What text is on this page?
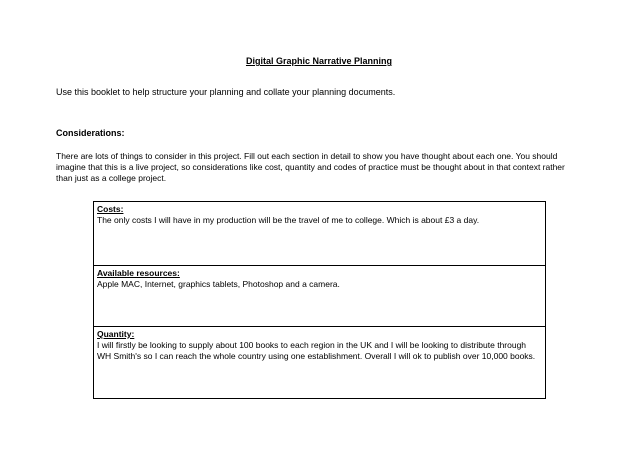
Digital Graphic Narrative Planning
Use this booklet to help structure your planning and collate your planning documents.
Considerations:
There are lots of things to consider in this project. Fill out each section in detail to show you have thought about each one. You should imagine that this is a live project, so considerations like cost, quantity and codes of practice must be thought about in that context rather than just as a college project.
Costs:
The only costs I will have in my production will be the travel of me to college. Which is about £3 a day.

Available resources:
Apple MAC, Internet, graphics tablets, Photoshop and a camera.

Quantity:
I will firstly be looking to supply about 100 books to each region in the UK and I will be looking to distribute through WH Smith's so I can reach the whole country using one establishment. Overall I will ok to publish over 10,000 books.
